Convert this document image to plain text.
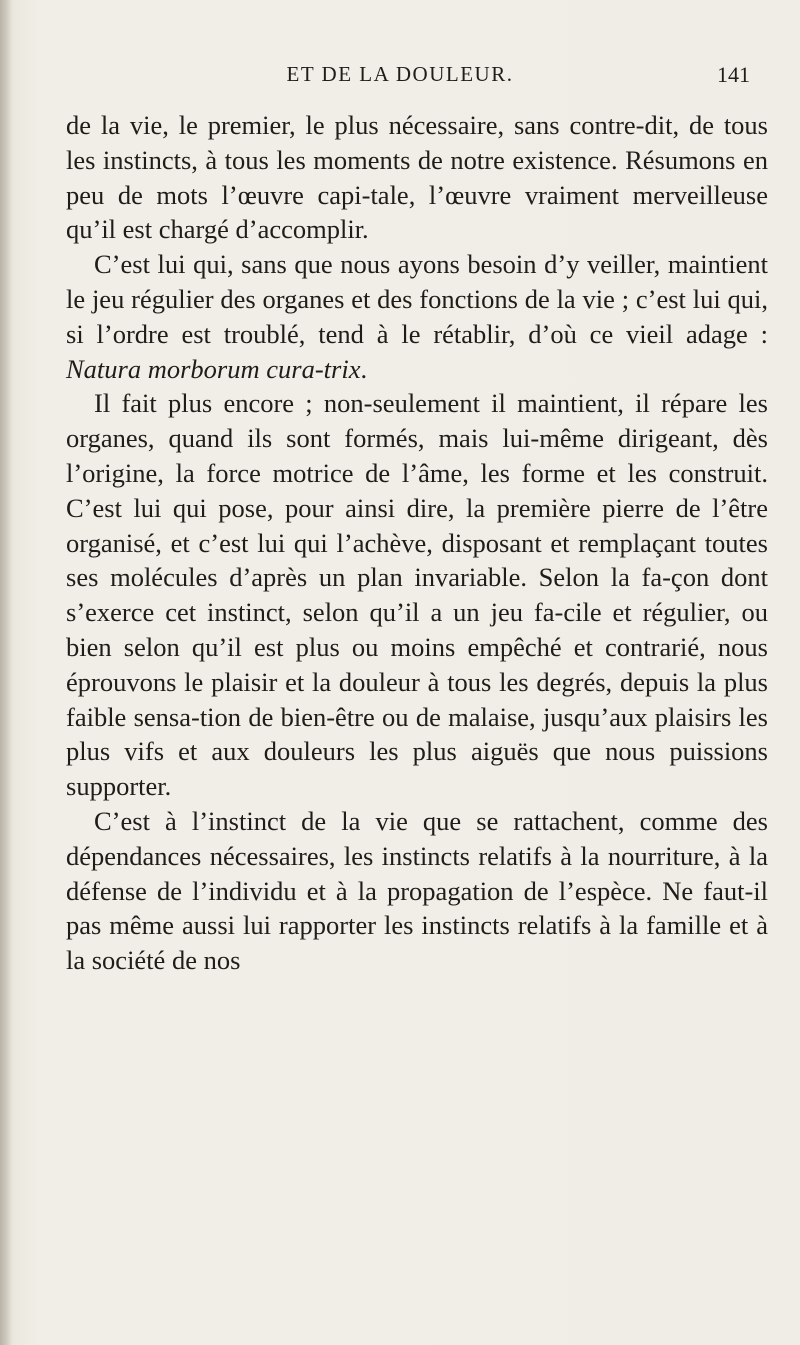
ET DE LA DOULEUR.	141

de la vie, le premier, le plus nécessaire, sans contre-dit, de tous les instincts, à tous les moments de notre existence. Résumons en peu de mots l’œuvre capi-tale, l’œuvre vraiment merveilleuse qu’il est chargé d’accomplir.

C’est lui qui, sans que nous ayons besoin d’y veiller, maintient le jeu régulier des organes et des fonctions de la vie ; c’est lui qui, si l’ordre est troublé, tend à le rétablir, d’où ce vieil adage : Natura morborum cura-trix.

Il fait plus encore ; non-seulement il maintient, il répare les organes, quand ils sont formés, mais lui-même dirigeant, dès l’origine, la force motrice de l’âme, les forme et les construit. C’est lui qui pose, pour ainsi dire, la première pierre de l’être organisé, et c’est lui qui l’achève, disposant et remplaçant toutes ses molécules d’après un plan invariable. Selon la fa-çon dont s’exerce cet instinct, selon qu’il a un jeu fa-cile et régulier, ou bien selon qu’il est plus ou moins empêché et contrarié, nous éprouvons le plaisir et la douleur à tous les degrés, depuis la plus faible sensa-tion de bien-être ou de malaise, jusqu’aux plaisirs les plus vifs et aux douleurs les plus aiguës que nous puissions supporter.

C’est à l’instinct de la vie que se rattachent, comme des dépendances nécessaires, les instincts relatifs à la nourriture, à la défense de l’individu et à la propagation de l’espèce. Ne faut-il pas même aussi lui rapporter les instincts relatifs à la famille et à la société de nos
